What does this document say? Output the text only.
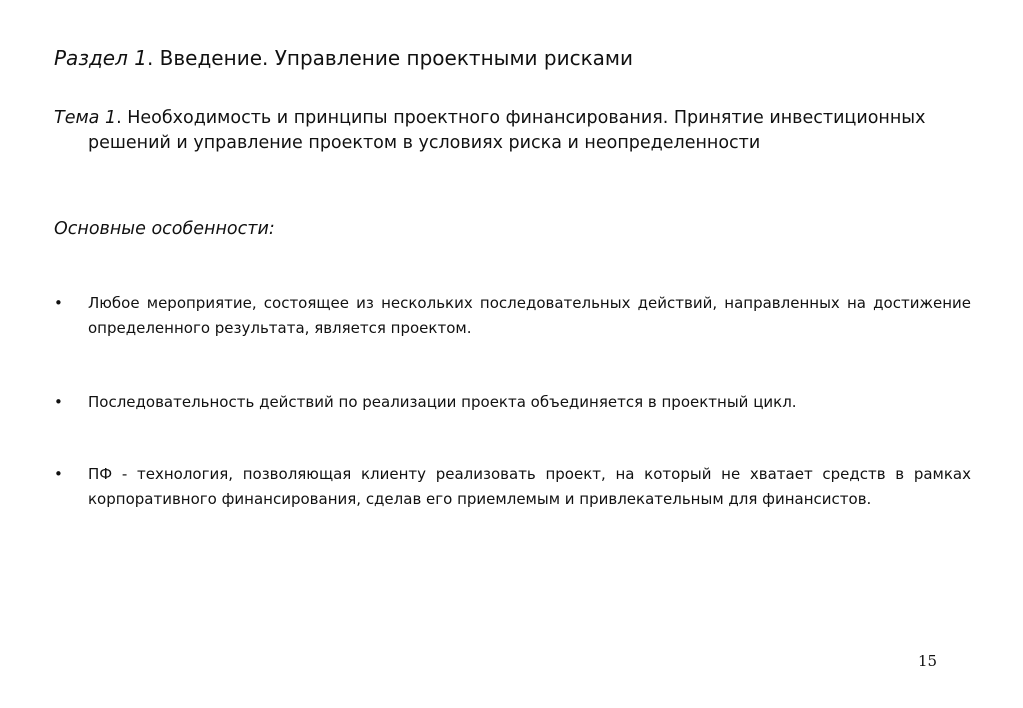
Раздел 1. Введение. Управление проектными рисками
Тема 1. Необходимость и принципы проектного финансирования. Принятие инвестиционных решений и управление проектом в условиях риска и неопределенности
Основные особенности:
•	Любое мероприятие, состоящее из нескольких последовательных действий, направленных на достижение определенного результата, является проектом.
•	Последовательность действий по реализации проекта объединяется в проектный цикл.
•	ПФ - технология, позволяющая клиенту реализовать проект, на который не хватает средств в рамках корпоративного финансирования, сделав его приемлемым и привлекательным для финансистов.
15
